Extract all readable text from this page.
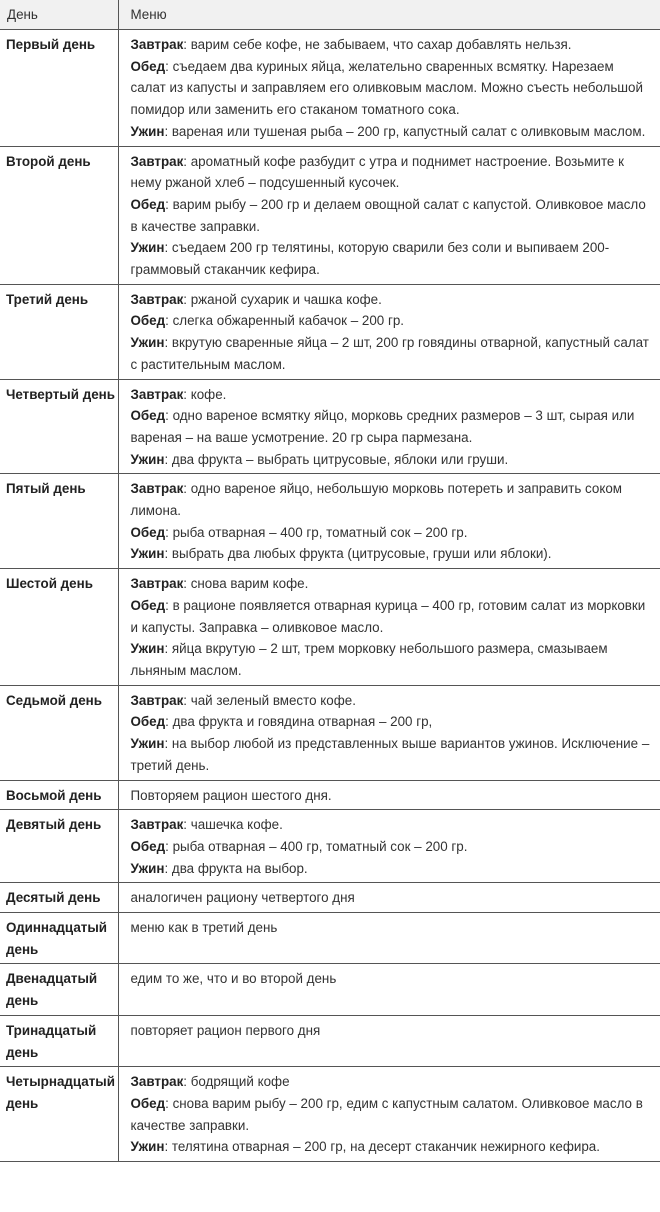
День	Меню
Первый день	Завтрак: варим себе кофе, не забываем, что сахар добавлять нельзя.
Обед: съедаем два куриных яйца, желательно сваренных всмятку. Нарезаем салат из капусты и заправляем его оливковым маслом. Можно съесть небольшой помидор или заменить его стаканом томатного сока.
Ужин: вареная или тушеная рыба – 200 гр, капустный салат с оливковым маслом.

Второй день	Завтрак: ароматный кофе разбудит с утра и поднимет настроение. Возьмите к нему ржаной хлеб – подсушенный кусочек.
Обед: варим рыбу – 200 гр и делаем овощной салат с капустой. Оливковое масло в качестве заправки.
Ужин: съедаем 200 гр телятины, которую сварили без соли и выпиваем 200-граммовый стаканчик кефира.

Третий день	Завтрак: ржаной сухарик и чашка кофе.
Обед: слегка обжаренный кабачок – 200 гр.
Ужин: вкрутую сваренные яйца – 2 шт, 200 гр говядины отварной, капустный салат с растительным маслом.

Четвертый день	Завтрак: кофе.
Обед: одно вареное всмятку яйцо, морковь средних размеров – 3 шт, сырая или вареная – на ваше усмотрение. 20 гр сыра пармезана.
Ужин: два фрукта – выбрать цитрусовые, яблоки или груши.

Пятый день	Завтрак: одно вареное яйцо, небольшую морковь потереть и заправить соком лимона.
Обед: рыба отварная – 400 гр, томатный сок – 200 гр.
Ужин: выбрать два любых фрукта (цитрусовые, груши или яблоки).

Шестой день	Завтрак: снова варим кофе.
Обед: в рационе появляется отварная курица – 400 гр, готовим салат из морковки и капусты. Заправка – оливковое масло.
Ужин: яйца вкрутую – 2 шт, трем морковку небольшого размера, смазываем льняным маслом.

Седьмой день	Завтрак: чай зеленый вместо кофе.
Обед: два фрукта и говядина отварная – 200 гр,
Ужин: на выбор любой из представленных выше вариантов ужинов. Исключение – третий день.

Восьмой день	Повторяем рацион шестого дня.

Девятый день	Завтрак: чашечка кофе.
Обед: рыба отварная – 400 гр, томатный сок – 200 гр.
Ужин: два фрукта на выбор.

Десятый день	аналогичен рациону четвертого дня

Одиннадцатый день	меню как в третий день

Двенадцатый день	едим то же, что и во второй день

Тринадцатый день	повторяет рацион первого дня

Четырнадцатый день	Завтрак: бодрящий кофе
Обед: снова варим рыбу – 200 гр, едим с капустным салатом. Оливковое масло в качестве заправки.
Ужин: телятина отварная – 200 гр, на десерт стаканчик нежирного кефира.
